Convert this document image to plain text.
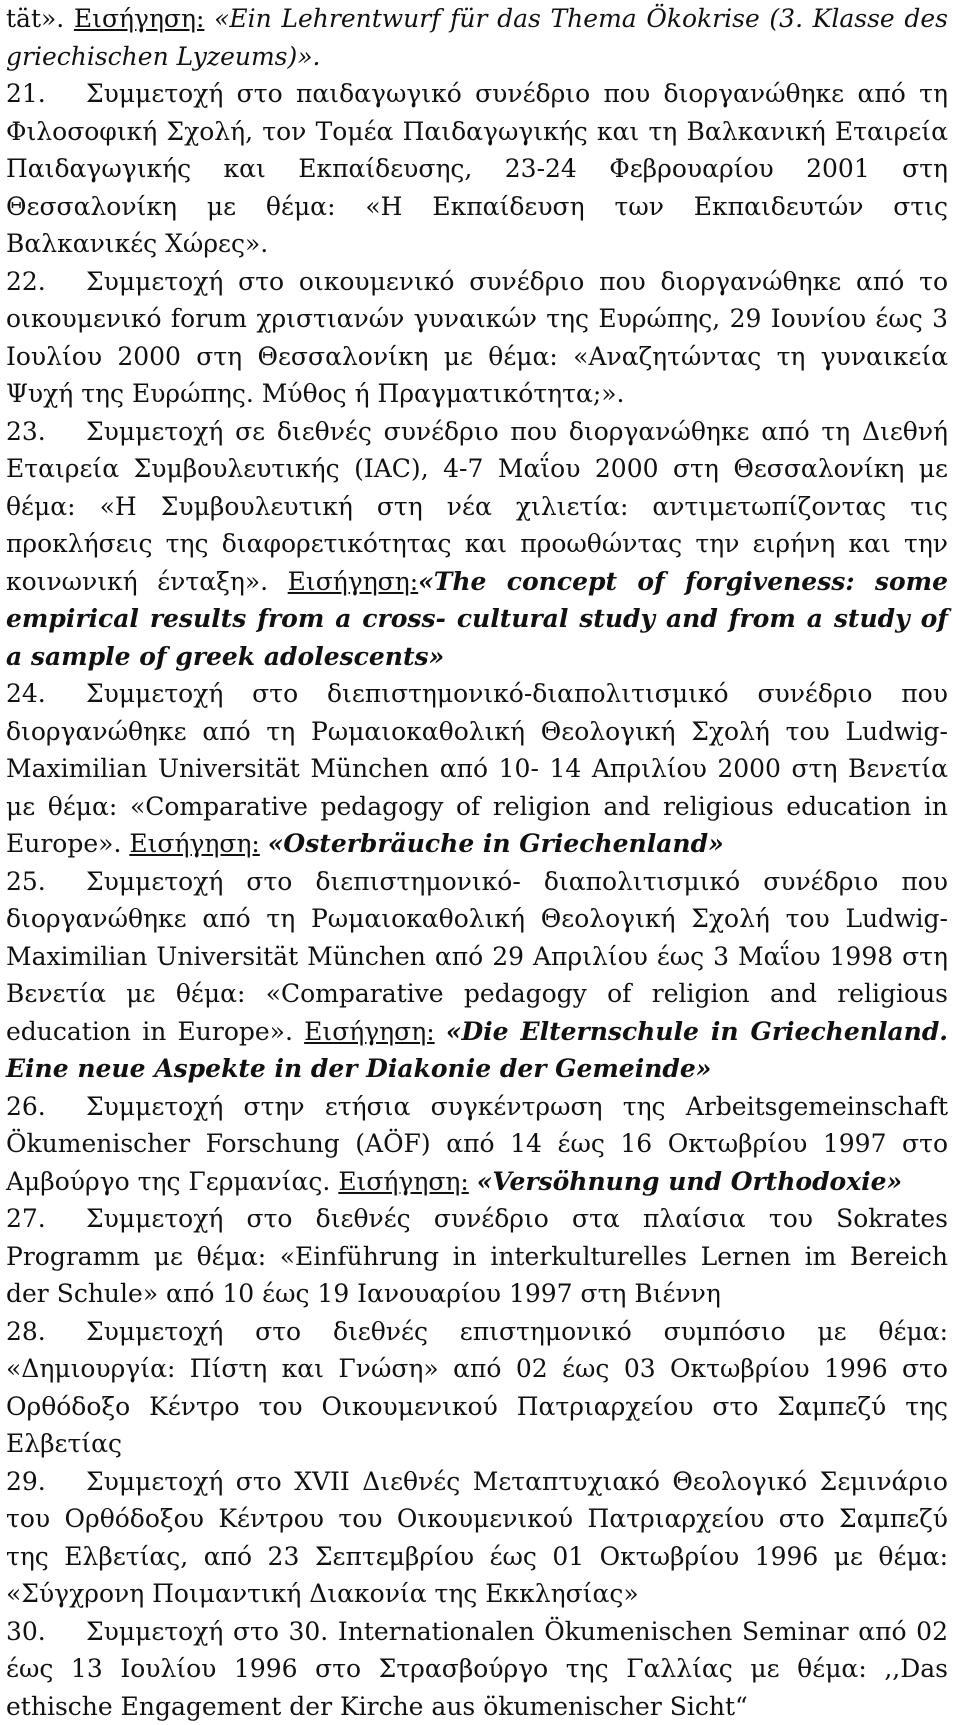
tät». Εισήγηση: «Ein Lehrentwurf für das Thema Ökokrise (3. Klasse des griechischen Lyzeums)».

21. Συμμετοχή στο παιδαγωγικό συνέδριο που διοργανώθηκε από τη Φιλοσοφική Σχολή, τον Τομέα Παιδαγωγικής και τη Βαλκανική Εταιρεία Παιδαγωγικής και Εκπαίδευσης, 23-24 Φεβρουαρίου 2001 στη Θεσσαλονίκη με θέμα: «Η Εκπαίδευση των Εκπαιδευτών στις Βαλκανικές Χώρες».

22. Συμμετοχή στο οικουμενικό συνέδριο που διοργανώθηκε από το οικουμενικό forum χριστιανών γυναικών της Ευρώπης, 29 Ιουνίου έως 3 Ιουλίου 2000 στη Θεσσαλονίκη με θέμα: «Αναζητώντας τη γυναικεία Ψυχή της Ευρώπης. Μύθος ή Πραγματικότητα;».

23. Συμμετοχή σε διεθνές συνέδριο που διοργανώθηκε από τη Διεθνή Εταιρεία Συμβουλευτικής (IAC), 4-7 Μαΐου 2000 στη Θεσσαλονίκη με θέμα: «Η Συμβουλευτική στη νέα χιλιετία: αντιμετωπίζοντας τις προκλήσεις της διαφορετικότητας και προωθώντας την ειρήνη και την κοινωνική ένταξη». Εισήγηση:«The concept of forgiveness: some empirical results from a cross- cultural study and from a study of a sample of greek adolescents»

24. Συμμετοχή στο διεπιστημονικό-διαπολιτισμικό συνέδριο που διοργανώθηκε από τη Ρωμαιοκαθολική Θεολογική Σχολή του Ludwig- Maximilian Universität München από 10- 14 Απριλίου 2000 στη Βενετία με θέμα: «Comparative pedagogy of religion and religious education in Europe». Εισήγηση: «Osterbräuche in Griechenland»

25. Συμμετοχή στο διεπιστημονικό- διαπολιτισμικό συνέδριο που διοργανώθηκε από τη Ρωμαιοκαθολική Θεολογική Σχολή του Ludwig- Maximilian Universität München από 29 Απριλίου έως 3 Μαΐου 1998 στη Βενετία με θέμα: «Comparative pedagogy of religion and religious education in Europe». Εισήγηση: «Die Elternschule in Griechenland. Eine neue Aspekte in der Diakonie der Gemeinde»

26. Συμμετοχή στην ετήσια συγκέντρωση της Arbeitsgemeinschaft Ökumenischer Forschung (AÖF) από 14 έως 16 Οκτωβρίου 1997 στο Αμβούργο της Γερμανίας. Εισήγηση: «Versöhnung und Orthodoxie»

27. Συμμετοχή στο διεθνές συνέδριο στα πλαίσια του Sokrates Programm με θέμα: «Einführung in interkulturelles Lernen im Bereich der Schule» από 10 έως 19 Ιανουαρίου 1997 στη Βιέννη

28. Συμμετοχή στο διεθνές επιστημονικό συμπόσιο με θέμα: «Δημιουργία: Πίστη και Γνώση» από 02 έως 03 Οκτωβρίου 1996 στο Ορθόδοξο Κέντρο του Οικουμενικού Πατριαρχείου στο Σαμπεζύ της Ελβετίας

29. Συμμετοχή στο XVII Διεθνές Μεταπτυχιακό Θεολογικό Σεμινάριο του Ορθόδοξου Κέντρου του Οικουμενικού Πατριαρχείου στο Σαμπεζύ της Ελβετίας, από 23 Σεπτεμβρίου έως 01 Οκτωβρίου 1996 με θέμα: «Σύγχρονη Ποιμαντική Διακονία της Εκκλησίας»

30. Συμμετοχή στο 30. Internationalen Ökumenischen Seminar από 02 έως 13 Ιουλίου 1996 στο Στρασβούργο της Γαλλίας με θέμα: ,,Das ethische Engagement der Kirche aus ökumenischer Sicht“
